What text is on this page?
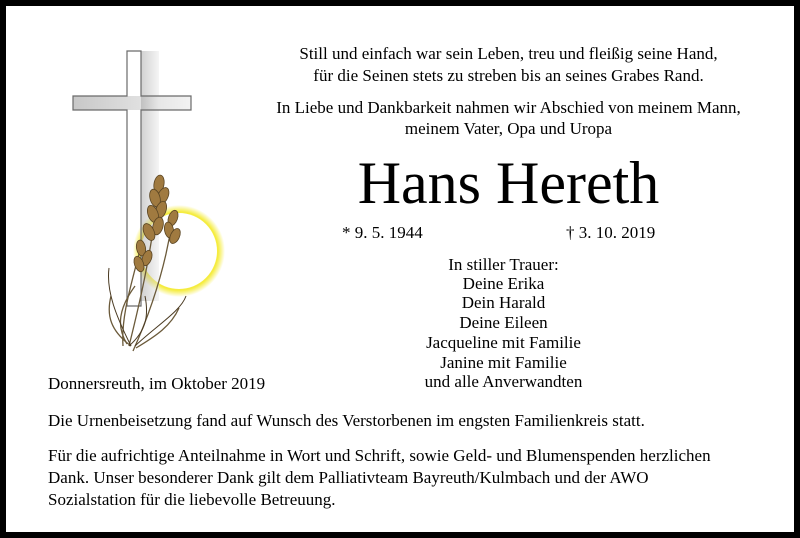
Still und einfach war sein Leben, treu und fleißig seine Hand,
für die Seinen stets zu streben bis an seines Grabes Rand.
In Liebe und Dankbarkeit nahmen wir Abschied von meinem Mann,
meinem Vater, Opa und Uropa
Hans Hereth
* 9. 5. 1944	† 3. 10. 2019
In stiller Trauer:
Deine Erika
Dein Harald
Deine Eileen
Jacqueline mit Familie
Janine mit Familie
und alle Anverwandten
Donnersreuth, im Oktober 2019
Die Urnenbeisetzung fand auf Wunsch des Verstorbenen im engsten Familienkreis statt.
Für die aufrichtige Anteilnahme in Wort und Schrift, sowie Geld- und Blumenspenden herzlichen
Dank. Unser besonderer Dank gilt dem Palliativteam Bayreuth/Kulmbach und der AWO
Sozialstation für die liebevolle Betreuung.
